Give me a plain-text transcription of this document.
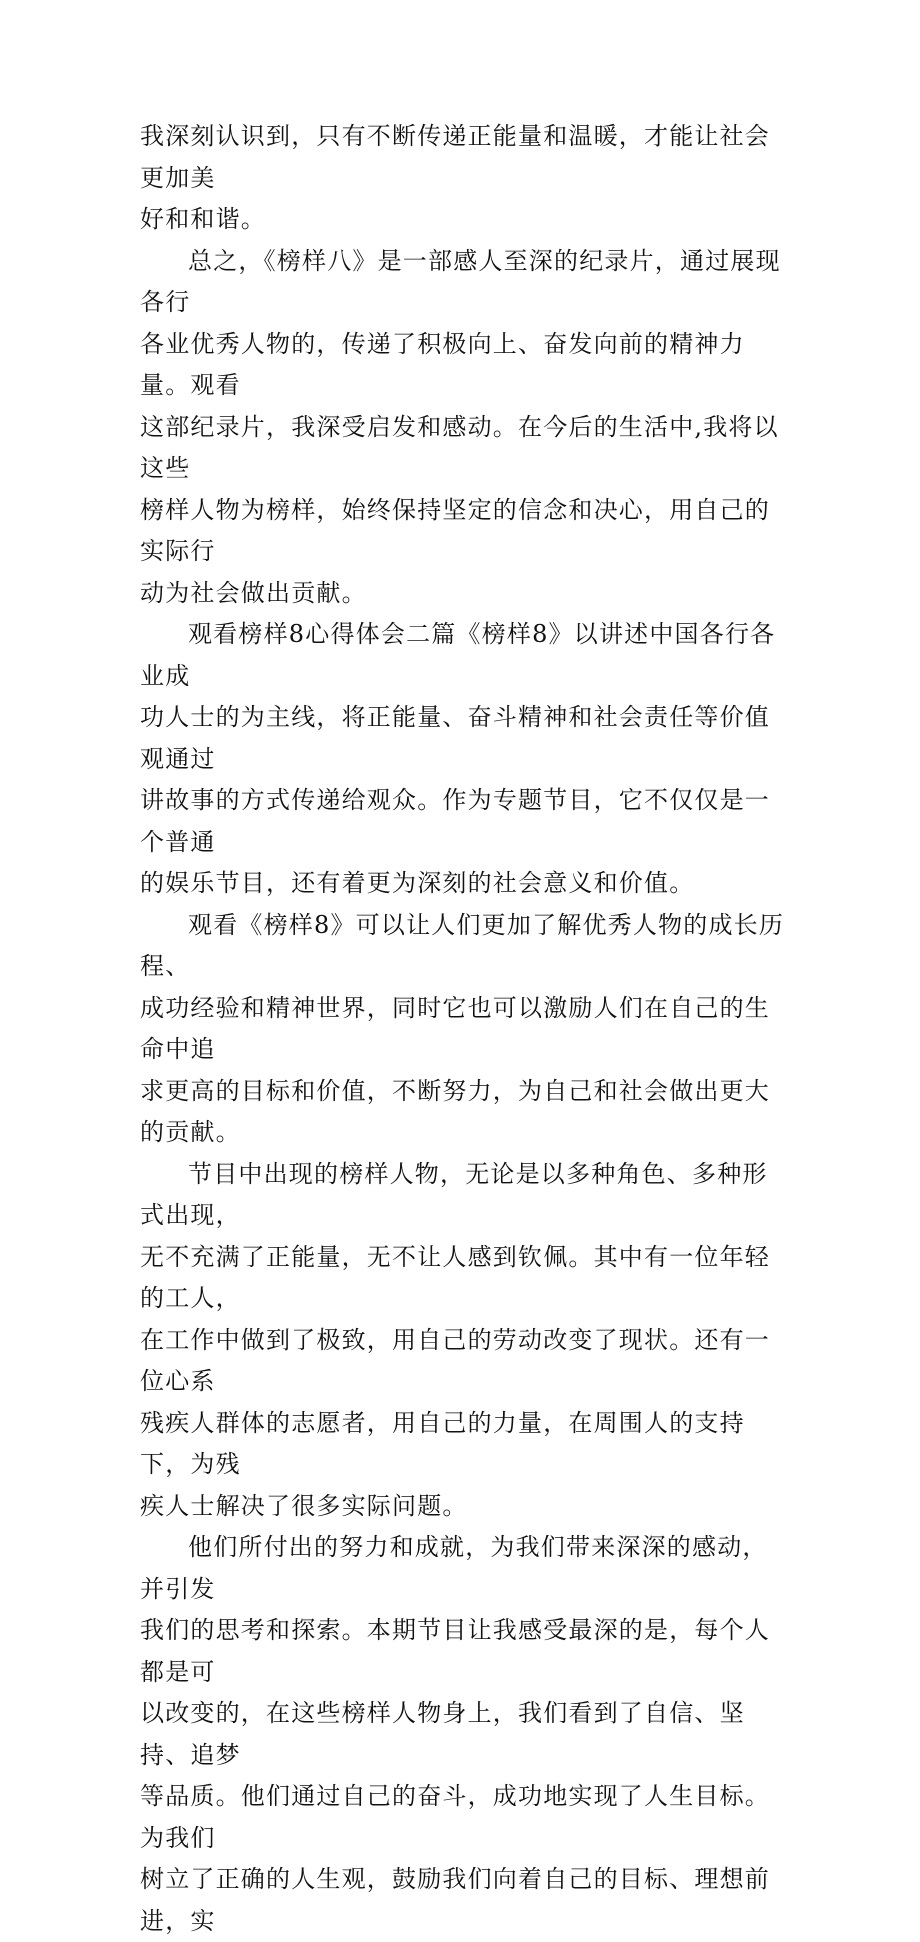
我深刻认识到，只有不断传递正能量和温暖，才能让社会更加美
好和和谐。
总之，《榜样八》是一部感人至深的纪录片，通过展现各行
各业优秀人物的，传递了积极向上、奋发向前的精神力量。观看
这部纪录片，我深受启发和感动。在今后的生活中,我将以这些
榜样人物为榜样，始终保持坚定的信念和决心，用自己的实际行
动为社会做出贡献。
观看榜样8心得体会二篇《榜样8》以讲述中国各行各业成
功人士的为主线，将正能量、奋斗精神和社会责任等价值观通过
讲故事的方式传递给观众。作为专题节目，它不仅仅是一个普通
的娱乐节目，还有着更为深刻的社会意义和价值。
观看《榜样8》可以让人们更加了解优秀人物的成长历程、
成功经验和精神世界，同时它也可以激励人们在自己的生命中追
求更高的目标和价值，不断努力，为自己和社会做出更大的贡献。
节目中出现的榜样人物，无论是以多种角色、多种形式出现，
无不充满了正能量，无不让人感到钦佩。其中有一位年轻的工人，
在工作中做到了极致，用自己的劳动改变了现状。还有一位心系
残疾人群体的志愿者，用自己的力量，在周围人的支持下，为残
疾人士解决了很多实际问题。
他们所付出的努力和成就，为我们带来深深的感动，并引发
我们的思考和探索。本期节目让我感受最深的是，每个人都是可
以改变的，在这些榜样人物身上，我们看到了自信、坚持、追梦
等品质。他们通过自己的奋斗，成功地实现了人生目标。为我们
树立了正确的人生观，鼓励我们向着自己的目标、理想前进，实
